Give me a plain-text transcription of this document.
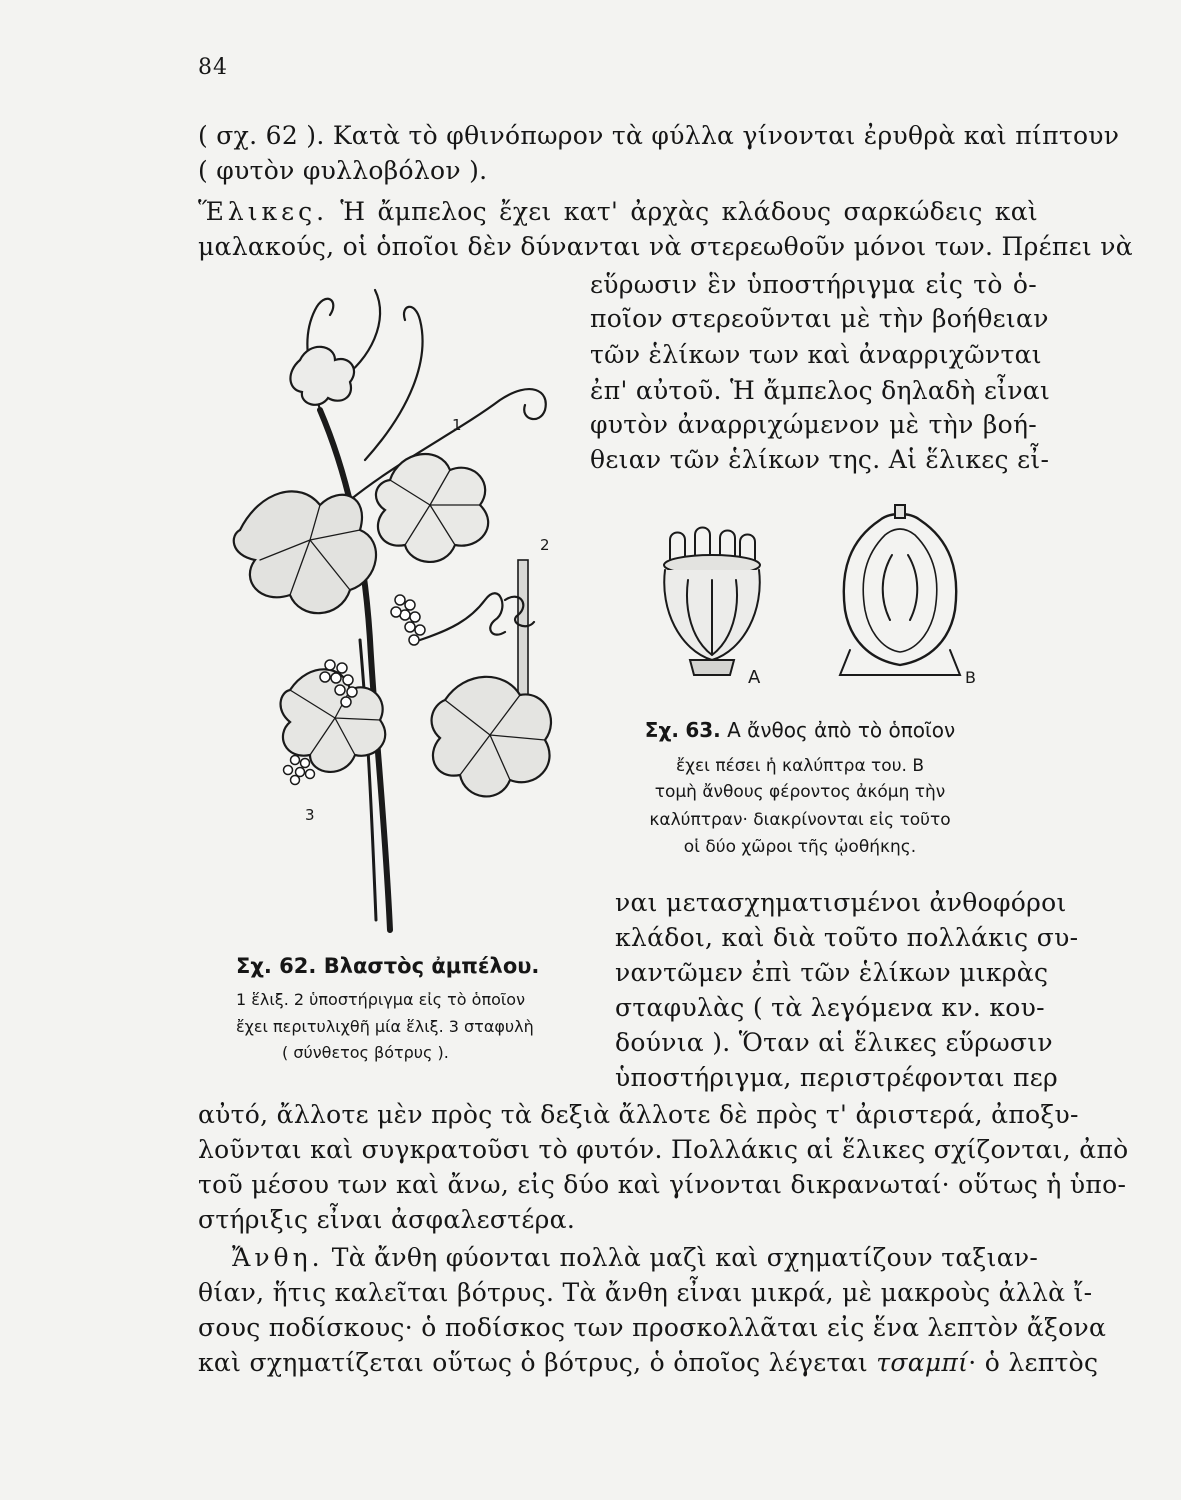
84
( σχ. 62 ). Κατὰ τὸ φθινόπωρον τὰ φύλλα γίνονται ἐρυθρὰ καὶ πίπτουν
( φυτὸν φυλλοβόλον ).
Ἕλικες. Ἡ ἄμπελος ἔχει κατ' ἀρχὰς κλάδους σαρκώδεις καὶ
μαλακούς, οἱ ὁποῖοι δὲν δύνανται νὰ στερεωθοῦν μόνοι των. Πρέπει νὰ
εὕρωσιν ἓν ὑποστήριγμα εἰς τὸ ὁ-
ποῖον στερεοῦνται μὲ τὴν βοήθειαν
τῶν ἑλίκων των καὶ ἀναρριχῶνται
ἐπ' αὐτοῦ. Ἡ ἄμπελος δηλαδὴ εἶναι
φυτὸν ἀναρριχώμενον μὲ τὴν βοή-
θειαν τῶν ἑλίκων της. Αἱ ἕλικες εἶ-
1
2
3
A	B
Σχ. 63. A ἄνθος ἀπὸ τὸ ὁποῖον
ἔχει πέσει ἡ καλύπτρα του. B
τομὴ ἄνθους φέροντος ἀκόμη τὴν
καλύπτραν· διακρίνονται εἰς τοῦτο
οἱ δύο χῶροι τῆς ᾠοθήκης.
ναι μετασχηματισμένοι ἀνθοφόροι
κλάδοι, καὶ διὰ τοῦτο πολλάκις συ-
ναντῶμεν ἐπὶ τῶν ἑλίκων μικρὰς
σταφυλὰς ( τὰ λεγόμενα κν. κου-
δούνια ). Ὅταν αἱ ἕλικες εὕρωσιν
ὑποστήριγμα, περιστρέφονται περ
Σχ. 62. Βλαστὸς ἀμπέλου.
1 ἕλιξ. 2 ὑποστήριγμα εἰς τὸ ὁποῖον
ἔχει περιτυλιχθῆ μία ἕλιξ. 3 σταφυλὴ
( σύνθετος βότρυς ).
αὐτό, ἄλλοτε μὲν πρὸς τὰ δεξιὰ ἄλλοτε δὲ πρὸς τ' ἀριστερά, ἀποξυ-
λοῦνται καὶ συγκρατοῦσι τὸ φυτόν. Πολλάκις αἱ ἕλικες σχίζονται, ἀπὸ
τοῦ μέσου των καὶ ἄνω, εἰς δύο καὶ γίνονται δικρανωταί· οὕτως ἡ ὑπο-
στήριξις εἶναι ἀσφαλεστέρα.
Ἄνθη. Τὰ ἄνθη φύονται πολλὰ μαζὶ καὶ σχηματίζουν ταξιαν-
θίαν, ἥτις καλεῖται βότρυς. Τὰ ἄνθη εἶναι μικρά, μὲ μακροὺς ἀλλὰ ἴ-
σους ποδίσκους· ὁ ποδίσκος των προσκολλᾶται εἰς ἕνα λεπτὸν ἄξονα
καὶ σχηματίζεται οὕτως ὁ βότρυς, ὁ ὁποῖος λέγεται τσαμπί· ὁ λεπτὸς
